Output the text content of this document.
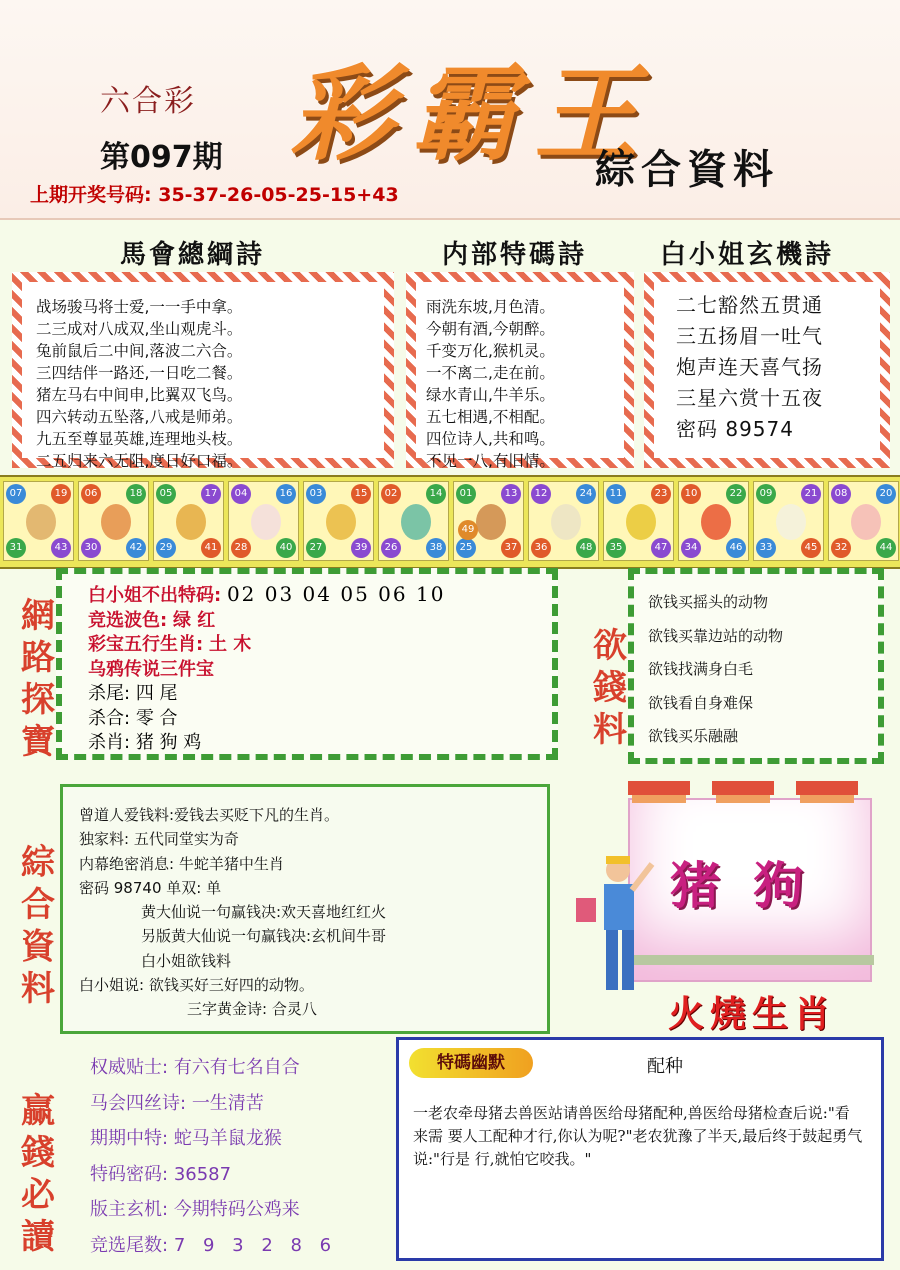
六合彩 彩霸王
第097期	綜合資料
上期开奖号码: 35-37-26-05-25-15+43
馬會總綱詩	内部特碼詩	白小姐玄機詩
战场骏马将士爱,一一手中拿。
二三成对八成双,坐山观虎斗。
兔前鼠后二中间,落波二六合。
三四结伴一路还,一日吃二餐。
猪左马右中间申,比翼双飞鸟。
四六转动五坠落,八戒是师弟。
九五至尊显英雄,连理地头枝。
二五归来六无阻,度日好口福。
雨洗东坡,月色清。
今朝有酒,今朝醉。
千变万化,猴机灵。
一不离二,走在前。
绿水青山,牛羊乐。
五七相遇,不相配。
四位诗人,共和鸣。
不见一八,有旧情。
二七豁然五贯通
三五扬眉一吐气
炮声连天喜气扬
三星六赏十五夜
密码 89574
07	19
31	43
06	18
30	42
05	17
29	41
04	16
28	40
03	15
27	39
02	14
26	38
01	13
25	37
49
12	24
36	48
11	23
35	47
10	22
34	46
09	21
33	45
08	20
32	44
網路探寶
白小姐不出特码: 02 03 04 05 06 10
竞选波色: 绿 红
彩宝五行生肖: 土 木
乌鸦传说三件宝
杀尾: 四 尾
杀合: 零 合
杀肖: 猪 狗 鸡
欲錢料
欲钱买摇头的动物
欲钱买靠边站的动物
欲钱找满身白毛
欲钱看自身难保
欲钱买乐融融
綜合資料
曾道人爱钱料:爱钱去买贬下凡的生肖。
独家料: 五代同堂实为奇
内幕绝密消息: 牛蛇羊猪中生肖
密码 98740 单双: 单
黄大仙说一句赢钱决:欢天喜地红红火
另版黄大仙说一句赢钱决:玄机间牛哥
白小姐欲钱料
白小姐说: 欲钱买好三好四的动物。
三字黄金诗: 合灵八
猪 狗
火燒生肖
赢錢必讀
权威贴士: 有六有七名自合
马会四丝诗: 一生清苦
期期中特: 蛇马羊鼠龙猴
特码密码: 36587
版主玄机: 今期特码公鸡来
竞选尾数: 7 9 3 2 8 6
特碼幽默	配种
一老农牵母猪去兽医站请兽医给母猪配种,兽医给母猪检查后说:"看来需 要人工配种才行,你认为呢?"老农犹豫了半天,最后终于鼓起勇气说:"行是 行,就怕它咬我。"
